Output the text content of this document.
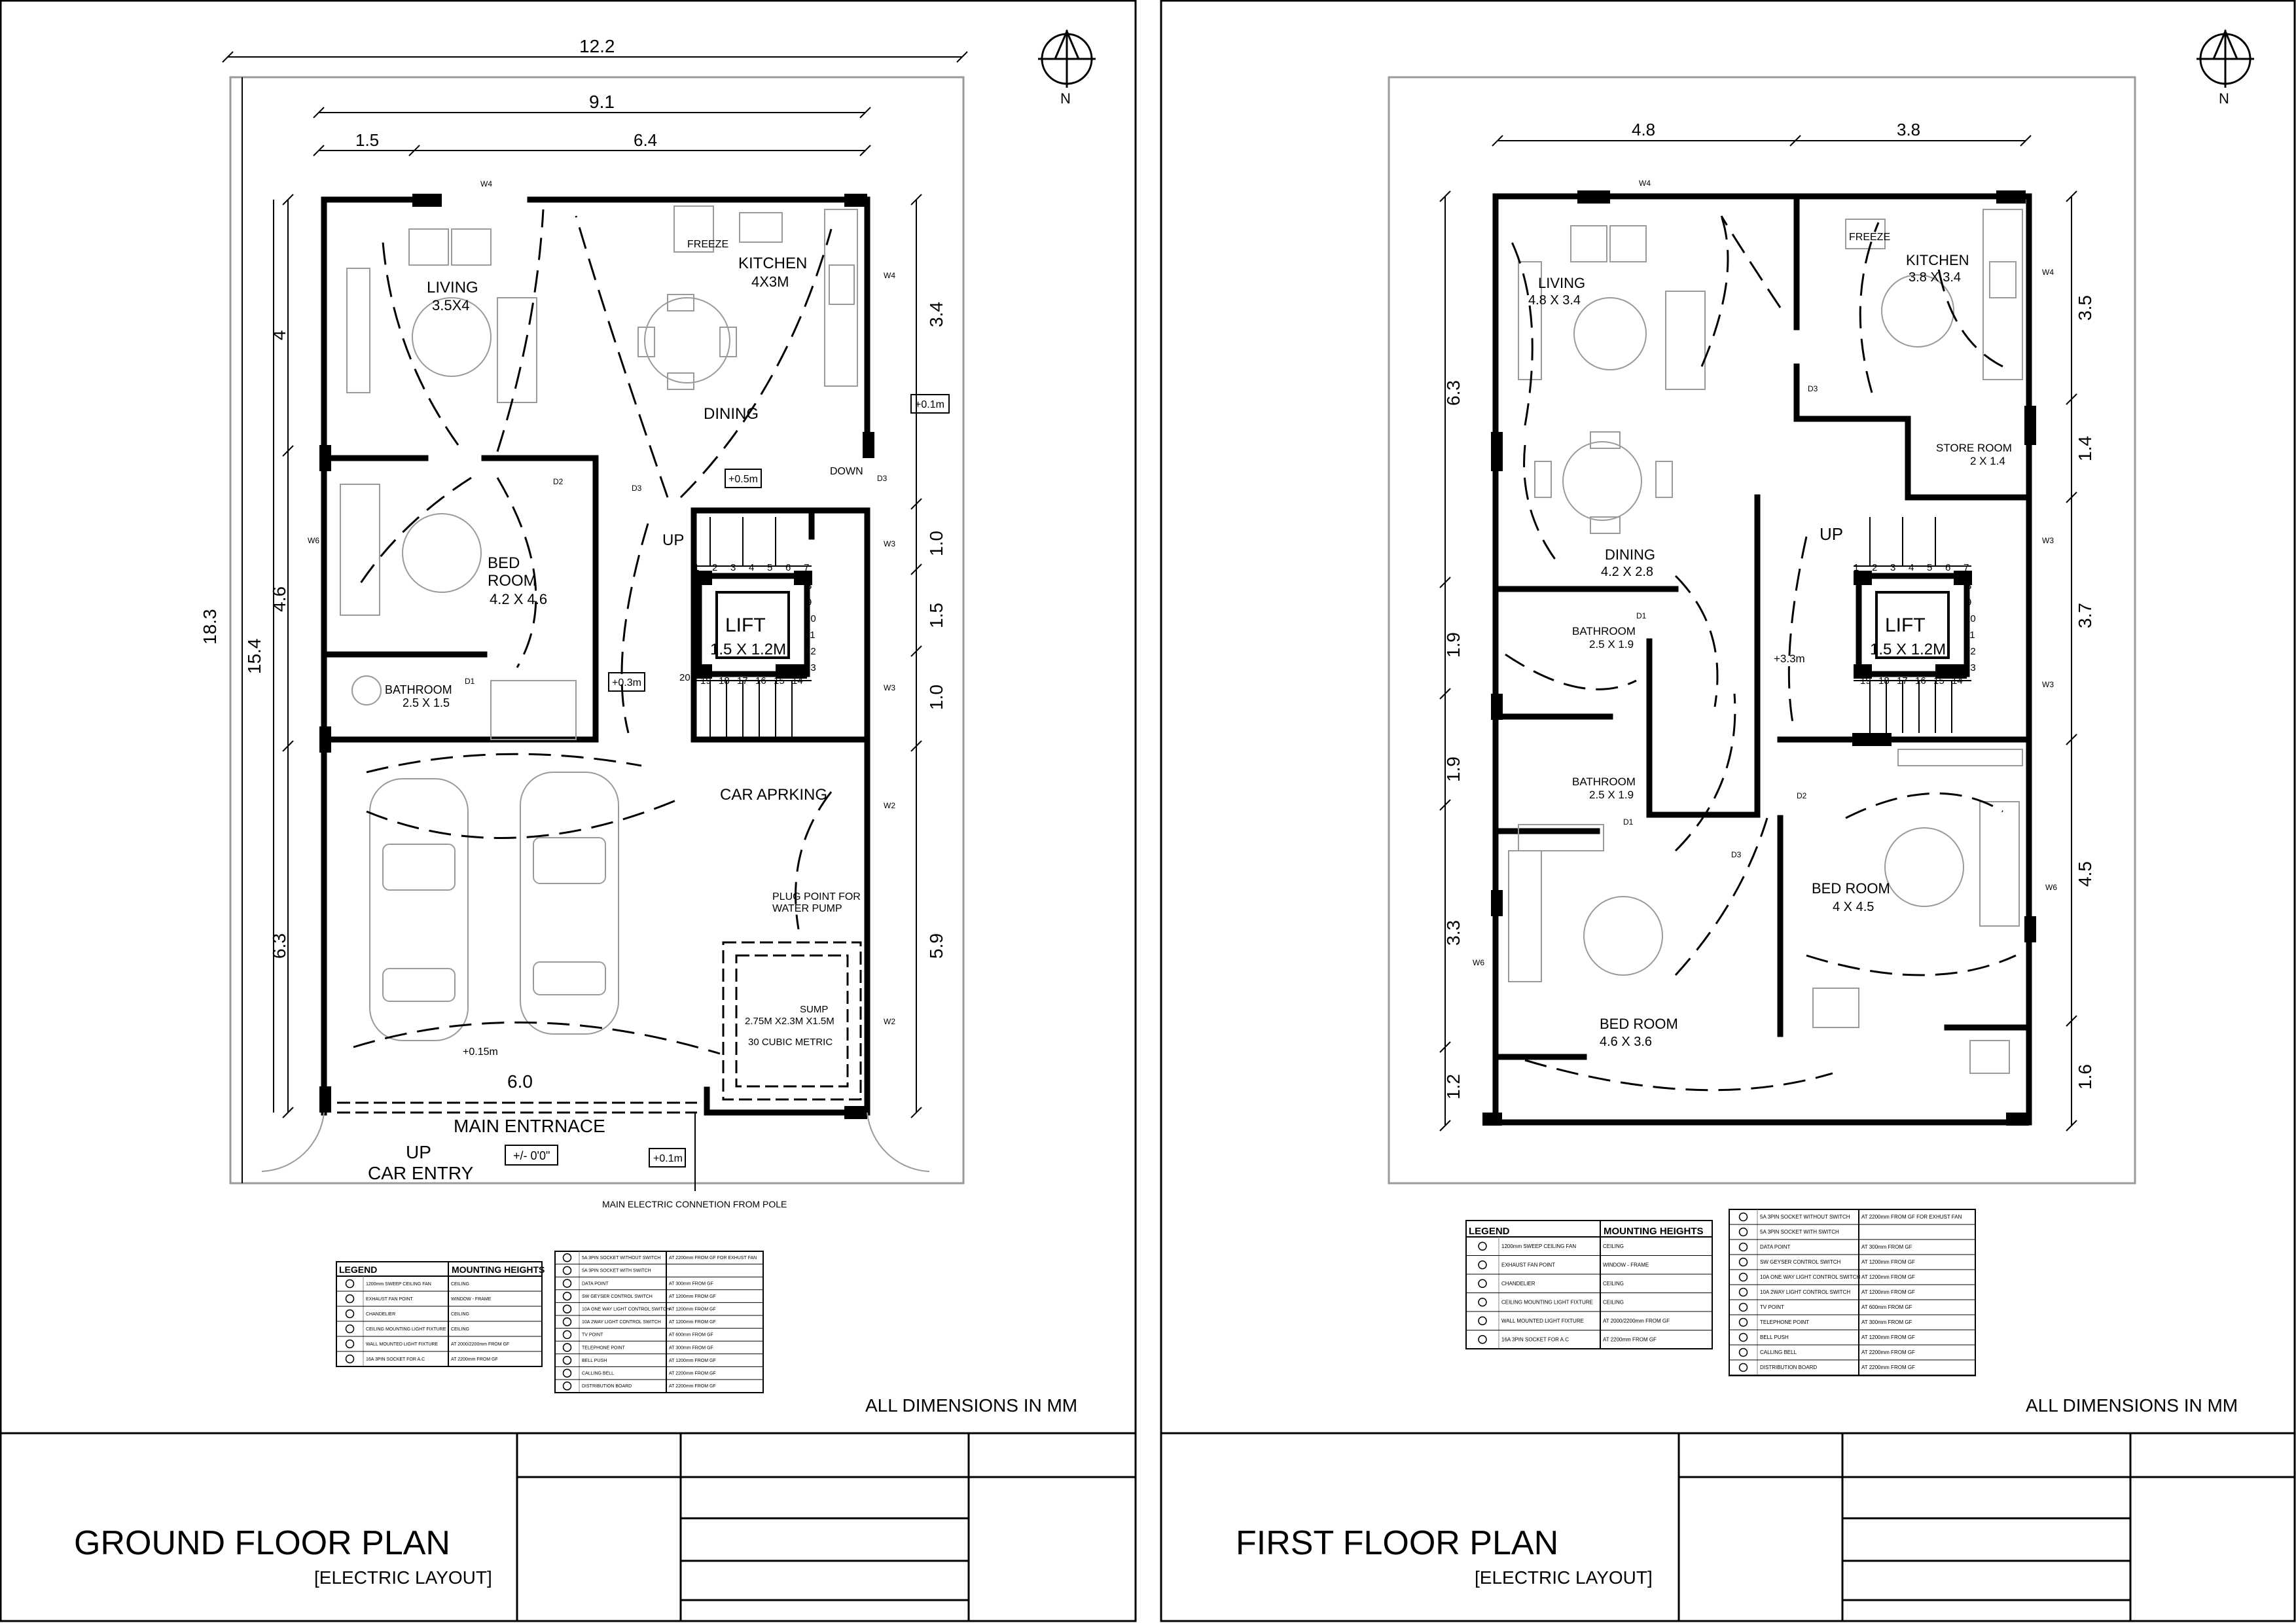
GROUND FLOOR PLAN
[ELECTRIC LAYOUT]
ALL DIMENSIONS IN MM
FIRST FLOOR PLAN
[ELECTRIC LAYOUT]
ALL DIMENSIONS IN MM
N
12.2
9.1
1.5	6.4
18.3
15.4
4
4.6
6.3
3.4
1.0
1.5
1.0
5.9
FREEZE
LIFT
1.5 X 1.2M
1 2 3 4 5 6 7
8
9
10
11
12
13
20 19 18 17 16 15 14
LIVING
3.5X4
KITCHEN
4X3M
DINING
DOWN
BED
ROOM
4.2 X 4.6
BATHROOM
2.5 X 1.5
UP
CAR APRKING
PLUG POINT FOR
WATER PUMP
SUMP
2.75M X2.3M X1.5M
30 CUBIC METRIC
6.0
MAIN ENTRNACE
UP
CAR ENTRY
+/- 0'0"
+0.1m
+0.5m
+0.3m
+0.15m
+0.1m
MAIN ELECTRIC CONNETION FROM POLE
W4
W4
W3
W3
W2
W2
D3
D3
D2
D1
W6
LEGEND	MOUNTING HEIGHTS
1200mm SWEEP CEILING FAN	CEILING
EXHAUST FAN POINT	WINDOW - FRAME
CHANDELIER	CEILING
CEILING MOUNTING LIGHT FIXTURE CEILING
WALL MOUNTED LIGHT FIXTURE	AT 2000/2200mm FROM GF
16A 3PIN SOCKET FOR A.C	AT 2200mm FROM GF
5A 3PIN SOCKET WITHOUT SWITCH AT 2200mm FROM GF FOR EXHUST FAN
5A 3PIN SOCKET WITH SWITCH
DATA POINT	AT 300mm FROM GF
SW GEYSER CONTROL SWITCH	AT 1200mm FROM GF
10A ONE WAY LIGHT CONTROL SWITCH
AT 1200mm FROM GF
10A 2WAY LIGHT CONTROL SWITCH AT 1200mm FROM GF
TV POINT	AT 600mm FROM GF
TELEPHONE POINT	AT 300mm FROM GF
BELL PUSH	AT 1200mm FROM GF
CALLING BELL	AT 2200mm FROM GF
DISTRIBUTION BOARD	AT 2200mm FROM GF
N
4.8	3.8
6.3
1.9
1.9
3.3
1.2
3.5
1.4
3.7
4.5
1.6
FREEZE
LIFT
1.5 X 1.2M
1 2 3 4 5 6 7
8
9
10
11
12
13
19 18 17 16 15 14
LIVING
4.8 X 3.4
KITCHEN
3.8 X 3.4
STORE ROOM
2 X 1.4
UP
DINING
4.2 X 2.8
BATHROOM
2.5 X 1.9
BATHROOM
2.5 X 1.9
+3.3m
BED ROOM
4 X 4.5
BED ROOM
4.6 X 3.6
W4
W4
W3
W3
D3
D3
D2
D1
D1
W6
W6
LEGEND	MOUNTING HEIGHTS
1200mm SWEEP CEILING FAN	CEILING
EXHAUST FAN POINT	WINDOW - FRAME
CHANDELIER	CEILING
CEILING MOUNTING LIGHT FIXTURE CEILING
WALL MOUNTED LIGHT FIXTURE	AT 2000/2200mm FROM GF
16A 3PIN SOCKET FOR A.C	AT 2200mm FROM GF
5A 3PIN SOCKET WITHOUT SWITCH AT 2200mm FROM GF FOR EXHUST FAN
5A 3PIN SOCKET WITH SWITCH
DATA POINT	AT 300mm FROM GF
SW GEYSER CONTROL SWITCH	AT 1200mm FROM GF
10A ONE WAY LIGHT CONTROL SWITCH AT 1200mm FROM GF
10A 2WAY LIGHT CONTROL SWITCH AT 1200mm FROM GF
TV POINT	AT 600mm FROM GF
TELEPHONE POINT	AT 300mm FROM GF
BELL PUSH	AT 1200mm FROM GF
CALLING BELL	AT 2200mm FROM GF
DISTRIBUTION BOARD	AT 2200mm FROM GF
